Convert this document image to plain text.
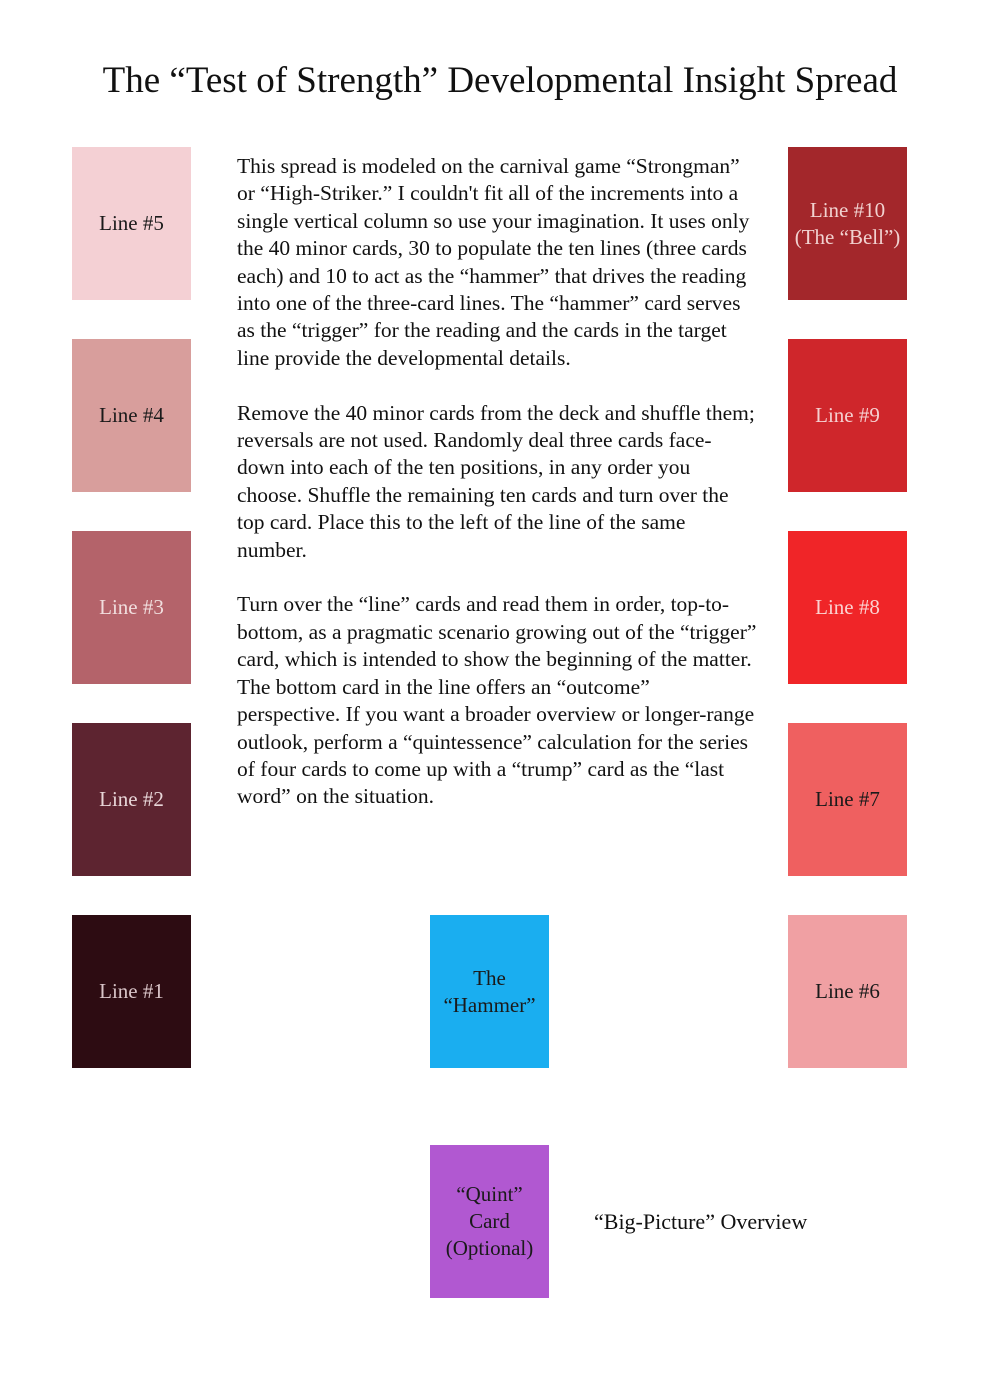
The “Test of Strength” Developmental Insight Spread
Line #5
Line #4
Line #3
Line #2
Line #1
Line #10
(The “Bell”)
Line #9
Line #8
Line #7
Line #6
The
“Hammer”
“Quint”
Card
(Optional)

This spread is modeled on the carnival game “Strongman” or “High-Striker.” I couldn't fit all of the increments into a single vertical column so use your imagination. It uses only the 40 minor cards, 30 to populate the ten lines (three cards each) and 10 to act as the “hammer” that drives the reading into one of the three-card lines. The “hammer” card serves as the “trigger” for the reading and the cards in the target line provide the developmental details.

Remove the 40 minor cards from the deck and shuffle them; reversals are not used. Randomly deal three cards face-down into each of the ten positions, in any order you choose. Shuffle the remaining ten cards and turn over the top card. Place this to the left of the line of the same number.

Turn over the “line” cards and read them in order, top-to-bottom, as a pragmatic scenario growing out of the “trigger” card, which is intended to show the beginning of the matter. The bottom card in the line offers an “outcome” perspective. If you want a broader overview or longer-range outlook, perform a “quintessence” calculation for the series of four cards to come up with a “trump” card as the “last word” on the situation.

“Big-Picture” Overview
